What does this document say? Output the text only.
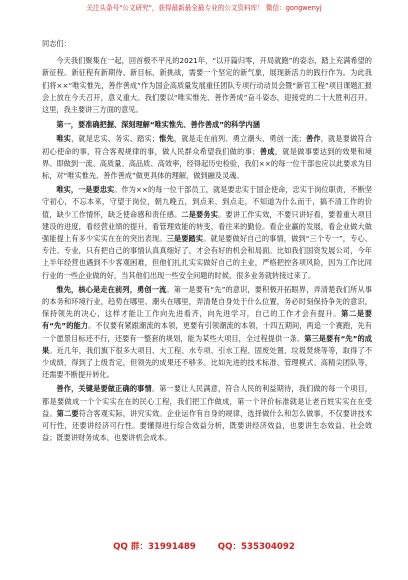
关注头条号"公文研究"，获得最新最全最专业的公文资料库！ 微信：gongwenyj

同志们：

今天我们聚集在一起，回首极不平凡的2021年，“以开篇归零，开局就跑”的姿态，踏上充满希望的新征程。新征程有新期待、新目标、新挑战，需要一个坚定的新气象，展现新活力的践行作为。为此我们将××“唯实惟先，善作善成”作为国企高质量发展重任团队专项行动动员会暨“新官工程”项目课题汇报会上放在今天召开，意义重大。我们要以“唯实惟先、善作善成”奋斗姿态，迎接党的二十大胜利召开。这里，我主要讲三方面的意见。

第一，要准确把握、深刻理解“唯实惟先、善作善成”的科学内涵

唯实，就是忠实、务实、踏实；惟先，就是走在前列、勇立潮头、勇创一流；善作，就是要做符合初心使命的事，符合客观规律的事，做人民群众希望我们做的事；善成，就是做事要达到的效果和境界。即做到一流、高质量、高品质、高效率，经得起历史检验，我们××的每一位干部也应以此要求为目标，对“唯实惟先、善作善成”做更具体的理解，做到融及灵魂。

唯实，一是要忠实。作为××的每一位干部员工，就是要忠实于国企使命，忠实于岗位职责，不断坚守初心，不忘本来，守望于岗位，朝九晚五，到点来、到点走，不知道为什么而干，搞不清工作的价值，缺少工作情怀，缺乏使命感和责任感。二是要务实。要讲工作实效，不要只讲好看，要着重大项目建设的进度，看经营业绩的提升，看管理效能的转变，看往来的勤俭。看企业赢的发展，看企业做大做强能提上有多少实实在在的突出表现。三是要踏实。就是要做好自己的事情，做到“三个专一”，专心、专注、专业，只有把自己的事情认真真细好了，才会有好的机会和局面。比如我们国资发展公司，今年上半年经营也遇到不少客观困难，但他们扎扎实实做好自己的主业，严格把控各项风险，因为工作比同行业的一些企业做的好，当其他们出现一些安全问题的时候，很多业务就转接过来了。

惟先，核心是走在前列，勇创一流。第一是要有“先”的意识，要积极开拓眼界，弄清楚我们所从事的本务和环境行业，趋势在哪里、潮头在哪里，弄清楚自身处于什么位置，务必时刻保持争先的意识，保持领先的决心，这样才能让工作向先进看齐，向先进学习，自己的工作才会有提升。第二是要有“先”的能力。不仅要有紧跟潮流的本领，更要有引领潮流的本领，十四五期间，两追一个赛跑，先有一个愿景目标还不行，还要有一整套的规划，能为某些大项目，全过程提供一条。第三是要有“先”的成果。近几年，我们旗下很多大项目、大工程、水专项、引水工程、固废处置、垃圾焚烧等等，取得了不少成绩，得到了上级肯定，但领先的成果还不够多。比如先进的技术标准、管理模式、高精尖团队等，还需要不断提升转化。

善作，关键是要做正确的事情。第一要让人民满意，符合人民的利益期待，我们做的每一个项目，都是要做成一个个实实在在的民心工程，我们把工作做成，第一个评价标准就是让老百姓实实在在受益。第二要符合客观实际，讲究实效。企业运作有自身的规律，选择做什么和怎么做事，不仅要讲技术可行性，还要讲经济可行性。要懂得进行综合效益分析，既要讲经济效益，也要讲生态效益、社会效益；既要讲财务成本，也要讲机会成本。

QQ 群：31991489	QQ：535304092
